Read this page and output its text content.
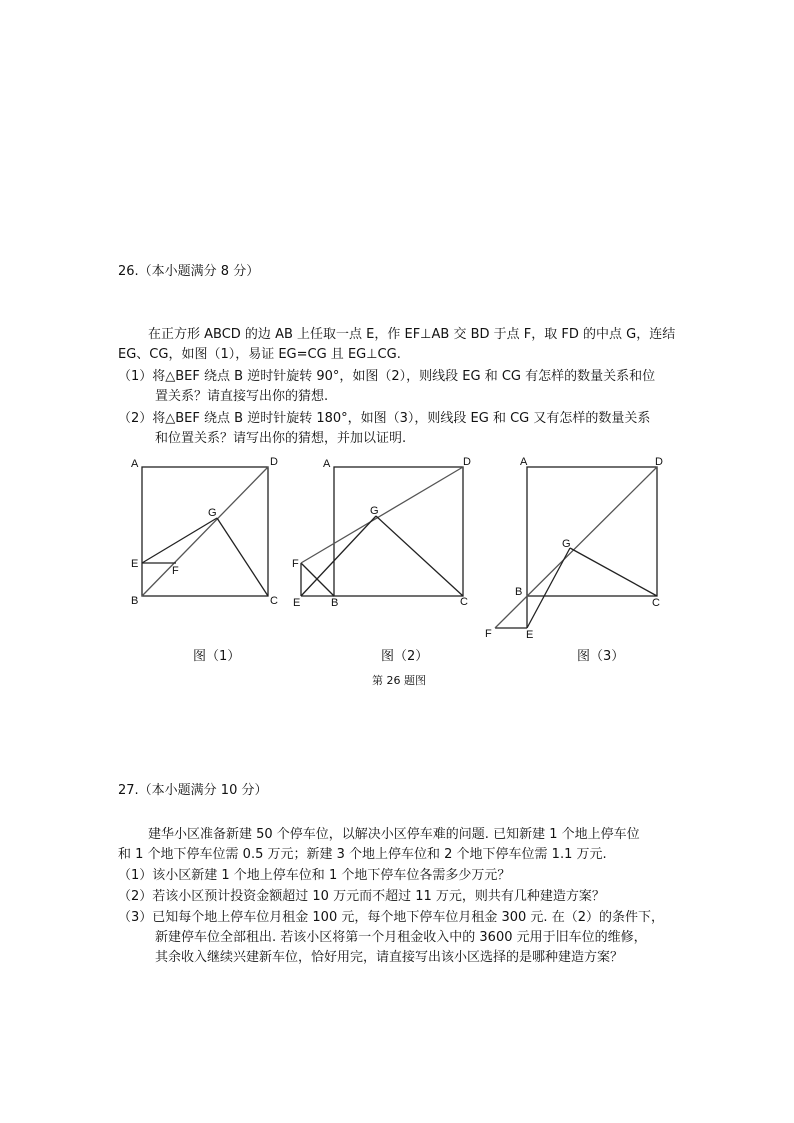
26.（本小题满分 8 分）
在正方形 ABCD 的边 AB 上任取一点 E，作 EF⊥AB 交 BD 于点 F，取 FD 的中点 G，连结
EG、CG，如图（1），易证 EG=CG 且 EG⊥CG.
（1）将△BEF 绕点 B 逆时针旋转 90°，如图（2），则线段 EG 和 CG 有怎样的数量关系和位
置关系？请直接写出你的猜想.
（2）将△BEF 绕点 B 逆时针旋转 180°，如图（3），则线段 EG 和 CG 又有怎样的数量关系
和位置关系？请写出你的猜想，并加以证明.
A	D
G
E
F
B	C
A	D
G
F
E	B	C
A	D
G
B
C
F	E
图（1）	图（2）	图（3）
第 26 题图
27.（本小题满分 10 分）
建华小区准备新建 50 个停车位，以解决小区停车难的问题. 已知新建 1 个地上停车位
和 1 个地下停车位需 0.5 万元；新建 3 个地上停车位和 2 个地下停车位需 1.1 万元.
（1）该小区新建 1 个地上停车位和 1 个地下停车位各需多少万元？
（2）若该小区预计投资金额超过 10 万元而不超过 11 万元，则共有几种建造方案？
（3）已知每个地上停车位月租金 100 元，每个地下停车位月租金 300 元. 在（2）的条件下，
新建停车位全部租出. 若该小区将第一个月租金收入中的 3600 元用于旧车位的维修，
其余收入继续兴建新车位，恰好用完，请直接写出该小区选择的是哪种建造方案？
